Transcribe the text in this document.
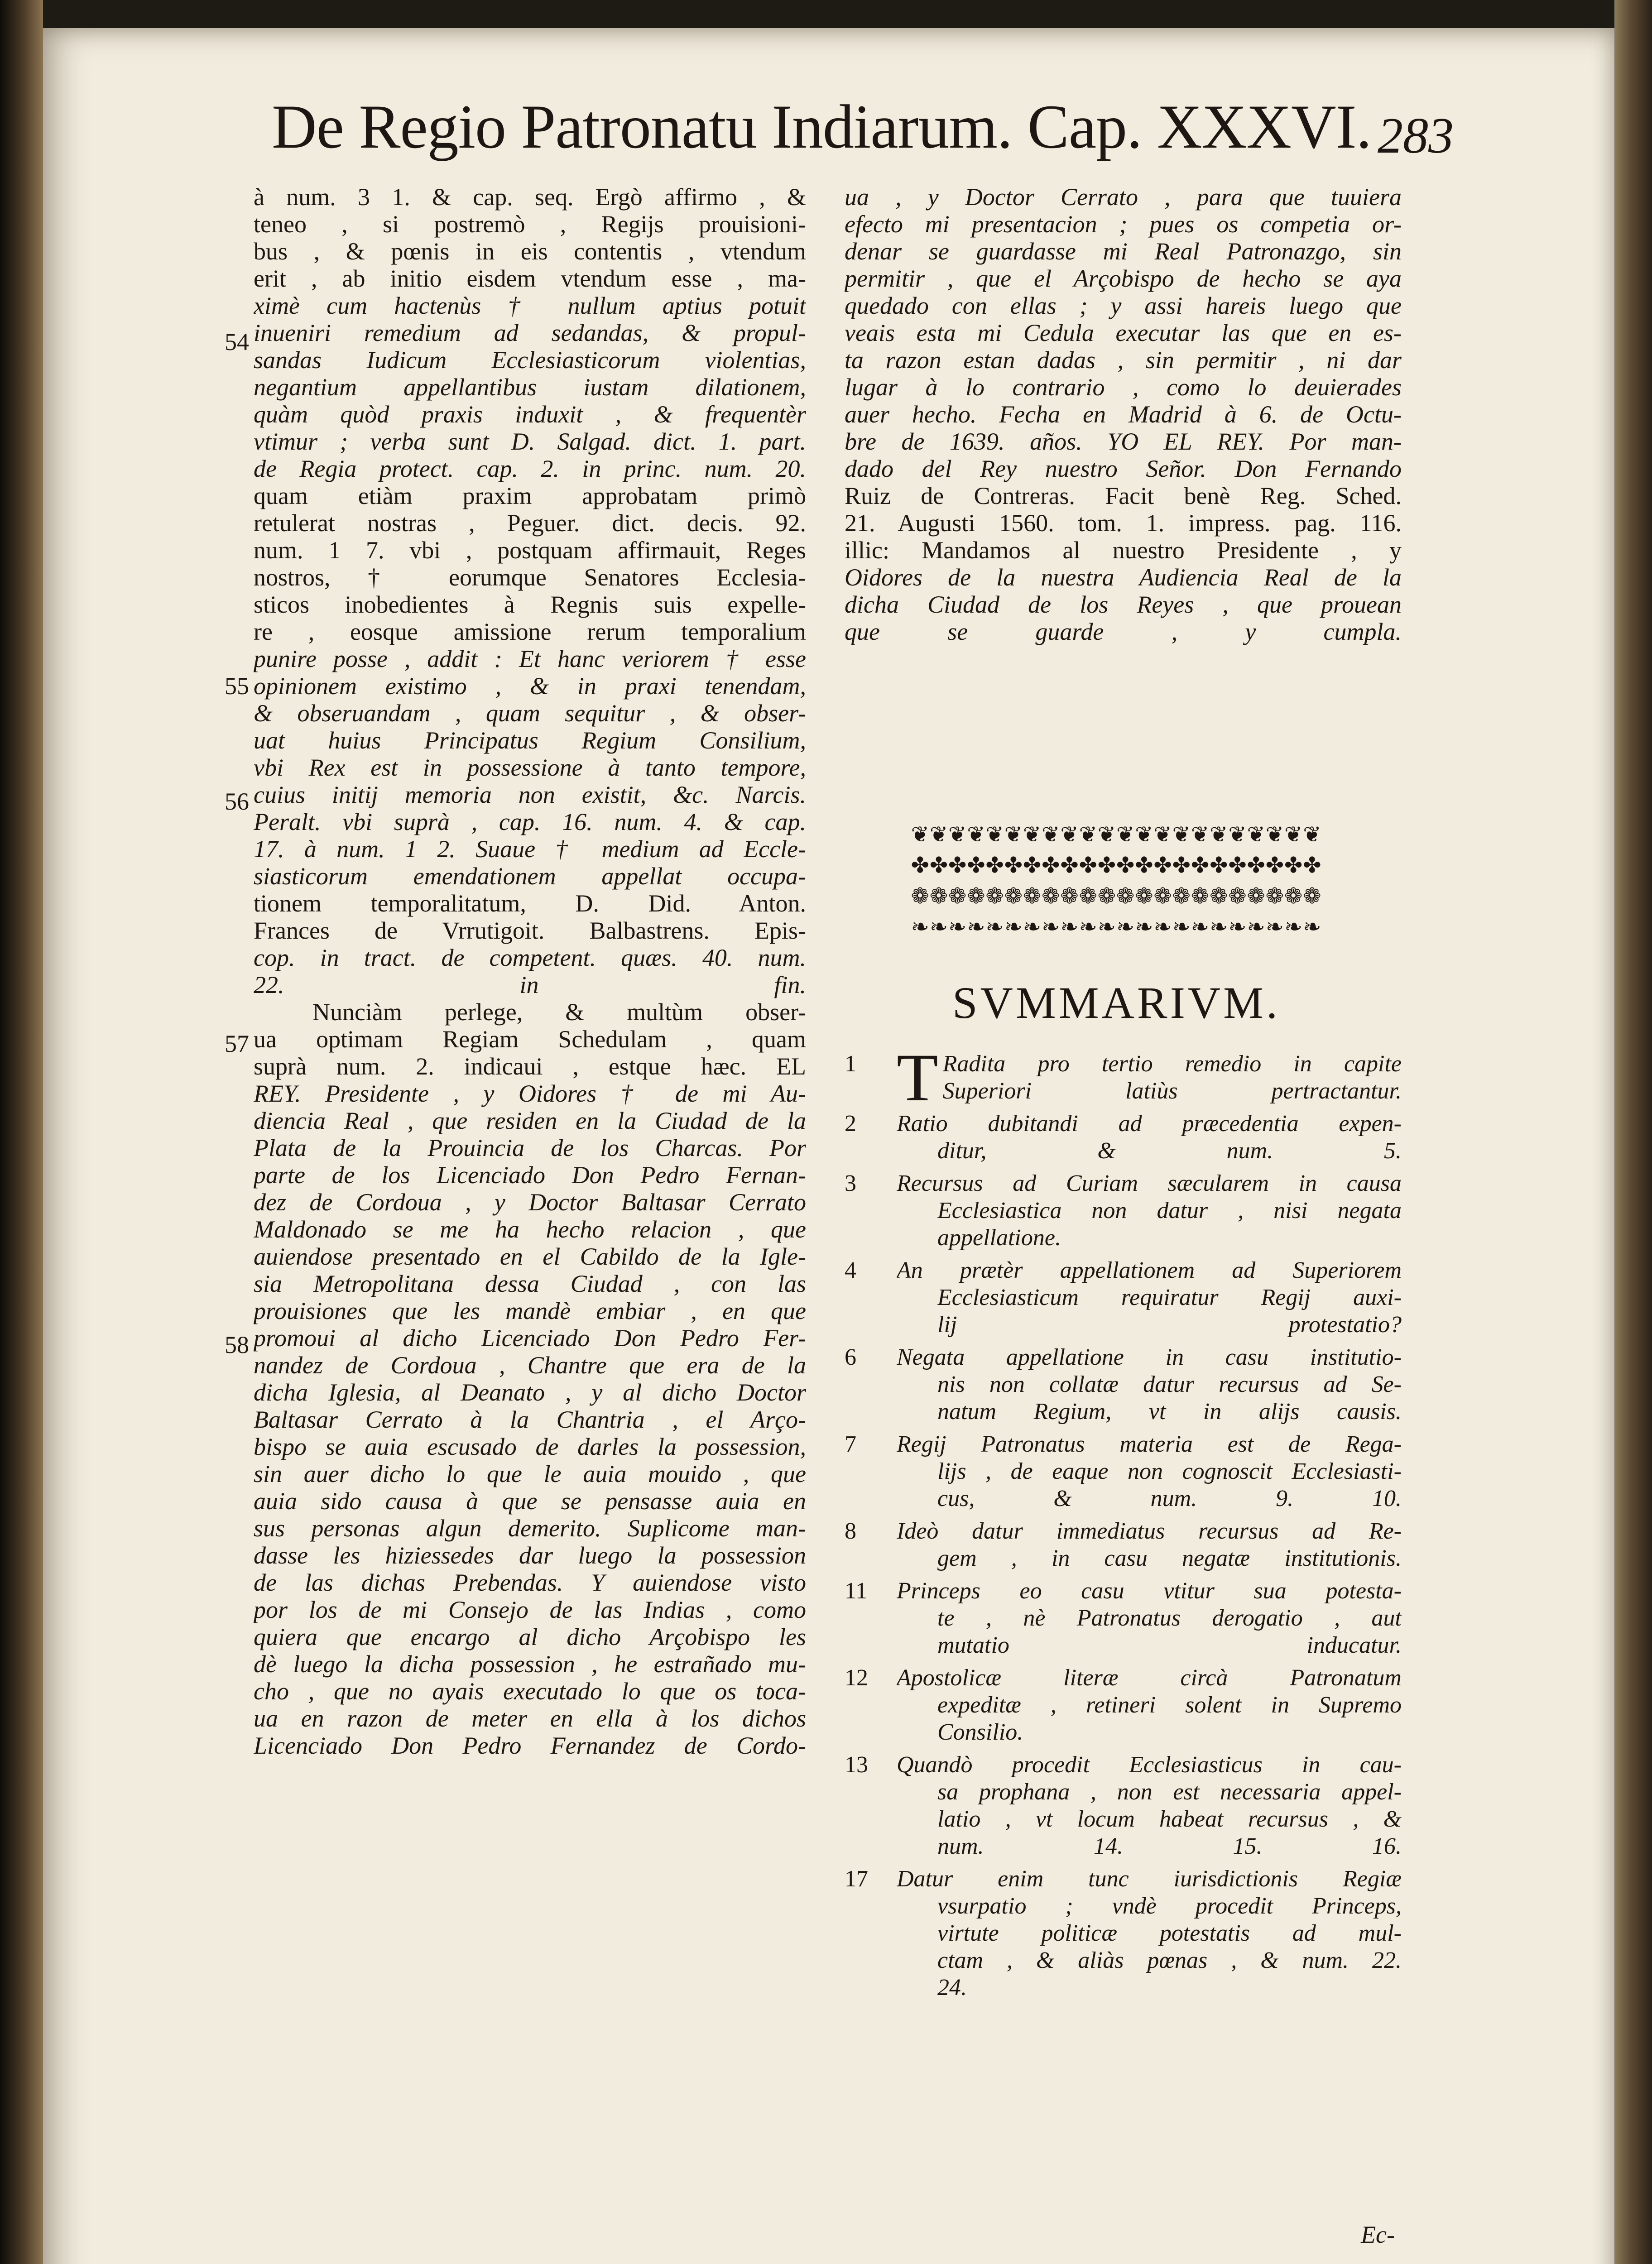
De Regio Patronatu Indiarum. Cap. XXXVI. 283
à num. 3 1. & cap. seq. Ergò affirmo , &
teneo , si postremò , Regijs prouisioni-
bus , & pœnis in eis contentis , vtendum
erit , ab initio eisdem vtendum esse , ma-
ximè cum hactenùs † nullum aptius potuit
inueniri remedium ad sedandas, & propul-
sandas Iudicum Ecclesiasticorum violentias,
negantium appellantibus iustam dilationem,
quàm quòd praxis induxit , & frequentèr
vtimur ; verba sunt D. Salgad. dict. 1. part.
de Regia protect. cap. 2. in princ. num. 20.
quam etiàm praxim approbatam primò
retulerat nostras , Peguer. dict. decis. 92.
num. 1 7. vbi , postquam affirmauit, Reges
nostros, † eorumque Senatores Ecclesia-
sticos inobedientes à Regnis suis expelle-
re , eosque amissione rerum temporalium
punire posse , addit : Et hanc veriorem † esse
opinionem existimo , & in praxi tenendam,
& obseruandam , quam sequitur , & obser-
uat huius Principatus Regium Consilium,
vbi Rex est in possessione à tanto tempore,
cuius initij memoria non existit, &c. Narcis.
Peralt. vbi suprà , cap. 16. num. 4. & cap.
17. à num. 1 2. Suaue † medium ad Eccle-
siasticorum emendationem appellat occupa-
tionem temporalitatum, D. Did. Anton.
Frances de Vrrutigoit. Balbastrens. Epis-
cop. in tract. de competent. quæs. 40. num.
22. in fin.
Nunciàm perlege, & multùm obser-
ua optimam Regiam Schedulam , quam
suprà num. 2. indicaui , estque hæc. EL
REY. Presidente , y Oidores † de mi Au-
diencia Real , que residen en la Ciudad de la
Plata de la Prouincia de los Charcas. Por
parte de los Licenciado Don Pedro Fernan-
dez de Cordoua , y Doctor Baltasar Cerrato
Maldonado se me ha hecho relacion , que
auiendose presentado en el Cabildo de la Igle-
sia Metropolitana dessa Ciudad , con las
prouisiones que les mandè embiar , en que
promoui al dicho Licenciado Don Pedro Fer-
nandez de Cordoua , Chantre que era de la
dicha Iglesia, al Deanato , y al dicho Doctor
Baltasar Cerrato à la Chantria , el Arço-
bispo se auia escusado de darles la possession,
sin auer dicho lo que le auia mouido , que
auia sido causa à que se pensasse auia en
sus personas algun demerito. Suplicome man-
dasse les hiziessedes dar luego la possession
de las dichas Prebendas. Y auiendose visto
por los de mi Consejo de las Indias , como
quiera que encargo al dicho Arçobispo les
dè luego la dicha possession , he estrañado mu-
cho , que no ayais executado lo que os toca-
ua en razon de meter en ella à los dichos
Licenciado Don Pedro Fernandez de Cordo-
54
55
56
57
58
ua , y Doctor Cerrato , para que tuuiera
efecto mi presentacion ; pues os competia or-
denar se guardasse mi Real Patronazgo, sin
permitir , que el Arçobispo de hecho se aya
quedado con ellas ; y assi hareis luego que
veais esta mi Cedula executar las que en es-
ta razon estan dadas , sin permitir , ni dar
lugar à lo contrario , como lo deuierades
auer hecho. Fecha en Madrid à 6. de Octu-
bre de 1639. años. YO EL REY. Por man-
dado del Rey nuestro Señor. Don Fernando
Ruiz de Contreras. Facit benè Reg. Sched.
21. Augusti 1560. tom. 1. impress. pag. 116.
illic: Mandamos al nuestro Presidente , y
Oidores de la nuestra Audiencia Real de la
dicha Ciudad de los Reyes , que prouean
que se guarde , y cumpla.
❦❦❦❦❦❦❦❦❦❦❦❦❦❦❦❦❦❦❦❦❦❦
✤✤✤✤✤✤✤✤✤✤✤✤✤✤✤✤✤✤✤✤✤✤
❁❁❁❁❁❁❁❁❁❁❁❁❁❁❁❁❁❁❁❁❁❁
❧❧❧❧❧❧❧❧❧❧❧❧❧❧❧❧❧❧❧❧❧❧
SVMMARIVM.
1 T Radita pro tertio remedio in capite
Superiori latiùs pertractantur.
2	Ratio dubitandi ad præcedentia expen-
ditur, & num. 5.
3	Recursus ad Curiam sæcularem in causa
Ecclesiastica non datur , nisi negata
appellatione.
4	An prætèr appellationem ad Superiorem
Ecclesiasticum requiratur Regij auxi-
lij protestatio?
6	Negata appellatione in casu institutio-
nis non collatæ datur recursus ad Se-
natum Regium, vt in alijs causis.
7	Regij Patronatus materia est de Rega-
lijs , de eaque non cognoscit Ecclesiasti-
cus, & num. 9. 10.
8	Ideò datur immediatus recursus ad Re-
gem , in casu negatæ institutionis.
11	Princeps eo casu vtitur sua potesta-
te , nè Patronatus derogatio , aut
mutatio inducatur.
12	Apostolicæ literæ circà Patronatum
expeditæ , retineri solent in Supremo
Consilio.
13	Quandò procedit Ecclesiasticus in cau-
sa prophana , non est necessaria appel-
latio , vt locum habeat recursus , &
num. 14. 15. 16.
17	Datur enim tunc iurisdictionis Regiæ
vsurpatio ; vndè procedit Princeps,
virtute politicæ potestatis ad mul-
ctam , & aliàs pœnas , & num. 22.
24.
Ec-
